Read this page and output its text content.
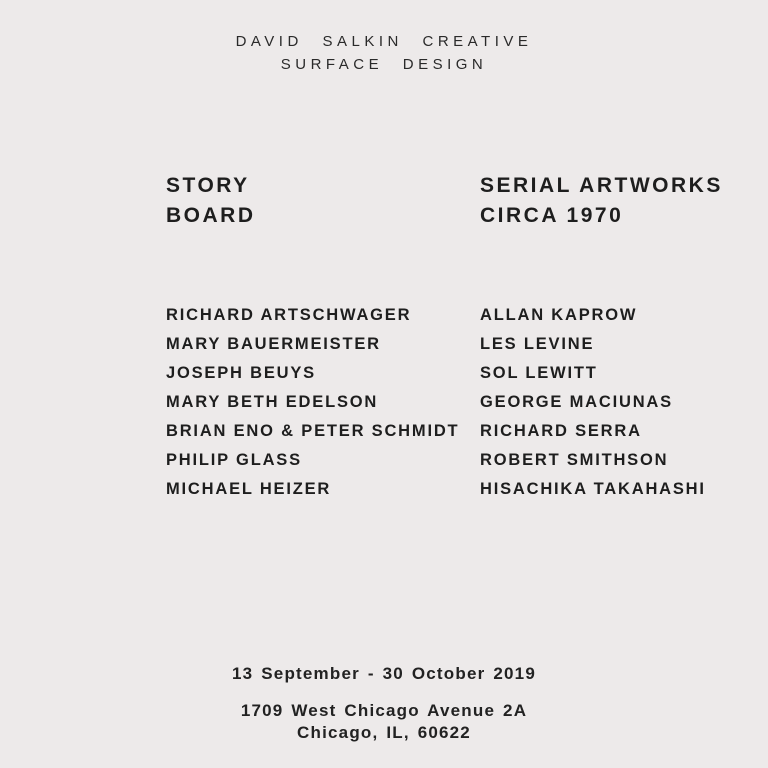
DAVID SALKIN CREATIVE
SURFACE DESIGN
STORY
BOARD
SERIAL ARTWORKS
CIRCA 1970
RICHARD ARTSCHWAGER
MARY BAUERMEISTER
JOSEPH BEUYS
MARY BETH EDELSON
BRIAN ENO & PETER SCHMIDT
PHILIP GLASS
MICHAEL HEIZER
ALLAN KAPROW
LES LEVINE
SOL LEWITT
GEORGE MACIUNAS
RICHARD SERRA
ROBERT SMITHSON
HISACHIKA TAKAHASHI
13 September - 30 October 2019
1709 West Chicago Avenue 2A
Chicago, IL, 60622
